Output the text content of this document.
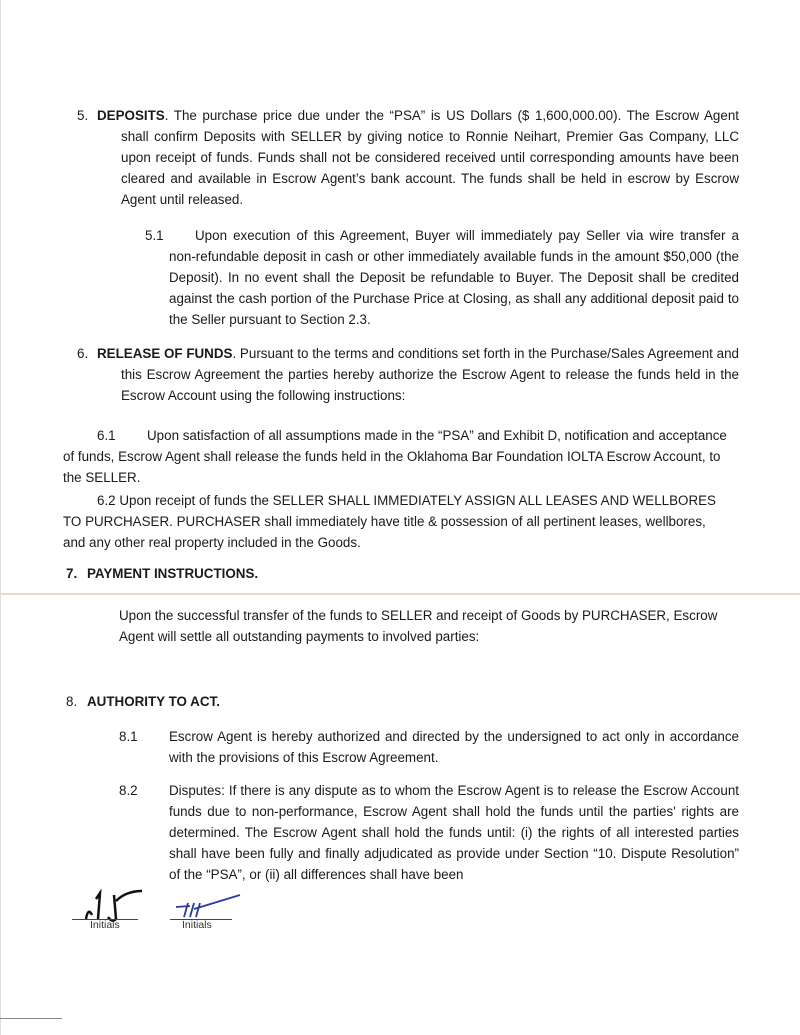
5. DEPOSITS. The purchase price due under the “PSA” is US Dollars ($ 1,600,000.00). The Escrow Agent shall confirm Deposits with SELLER by giving notice to Ronnie Neihart, Premier Gas Company, LLC upon receipt of funds. Funds shall not be considered received until corresponding amounts have been cleared and available in Escrow Agent’s bank account. The funds shall be held in escrow by Escrow Agent until released.
5.1 Upon execution of this Agreement, Buyer will immediately pay Seller via wire transfer a non-refundable deposit in cash or other immediately available funds in the amount $50,000 (the Deposit). In no event shall the Deposit be refundable to Buyer. The Deposit shall be credited against the cash portion of the Purchase Price at Closing, as shall any additional deposit paid to the Seller pursuant to Section 2.3.
6. RELEASE OF FUNDS. Pursuant to the terms and conditions set forth in the Purchase/Sales Agreement and this Escrow Agreement the parties hereby authorize the Escrow Agent to release the funds held in the Escrow Account using the following instructions:
6.1 Upon satisfaction of all assumptions made in the “PSA” and Exhibit D, notification and acceptance of funds, Escrow Agent shall release the funds held in the Oklahoma Bar Foundation IOLTA Escrow Account, to the SELLER.
6.2 Upon receipt of funds the SELLER SHALL IMMEDIATELY ASSIGN ALL LEASES AND WELLBORES TO PURCHASER. PURCHASER shall immediately have title & possession of all pertinent leases, wellbores, and any other real property included in the Goods.
7. PAYMENT INSTRUCTIONS.
Upon the successful transfer of the funds to SELLER and receipt of Goods by PURCHASER, Escrow Agent will settle all outstanding payments to involved parties:
8. AUTHORITY TO ACT.
8.1 Escrow Agent is hereby authorized and directed by the undersigned to act only in accordance with the provisions of this Escrow Agreement.
8.2 Disputes: If there is any dispute as to whom the Escrow Agent is to release the Escrow Account funds due to non-performance, Escrow Agent shall hold the funds until the parties' rights are determined. The Escrow Agent shall hold the funds until: (i) the rights of all interested parties shall have been fully and finally adjudicated as provide under Section “10. Dispute Resolution” of the “PSA”, or (ii) all differences shall have been
Initials	Initials
